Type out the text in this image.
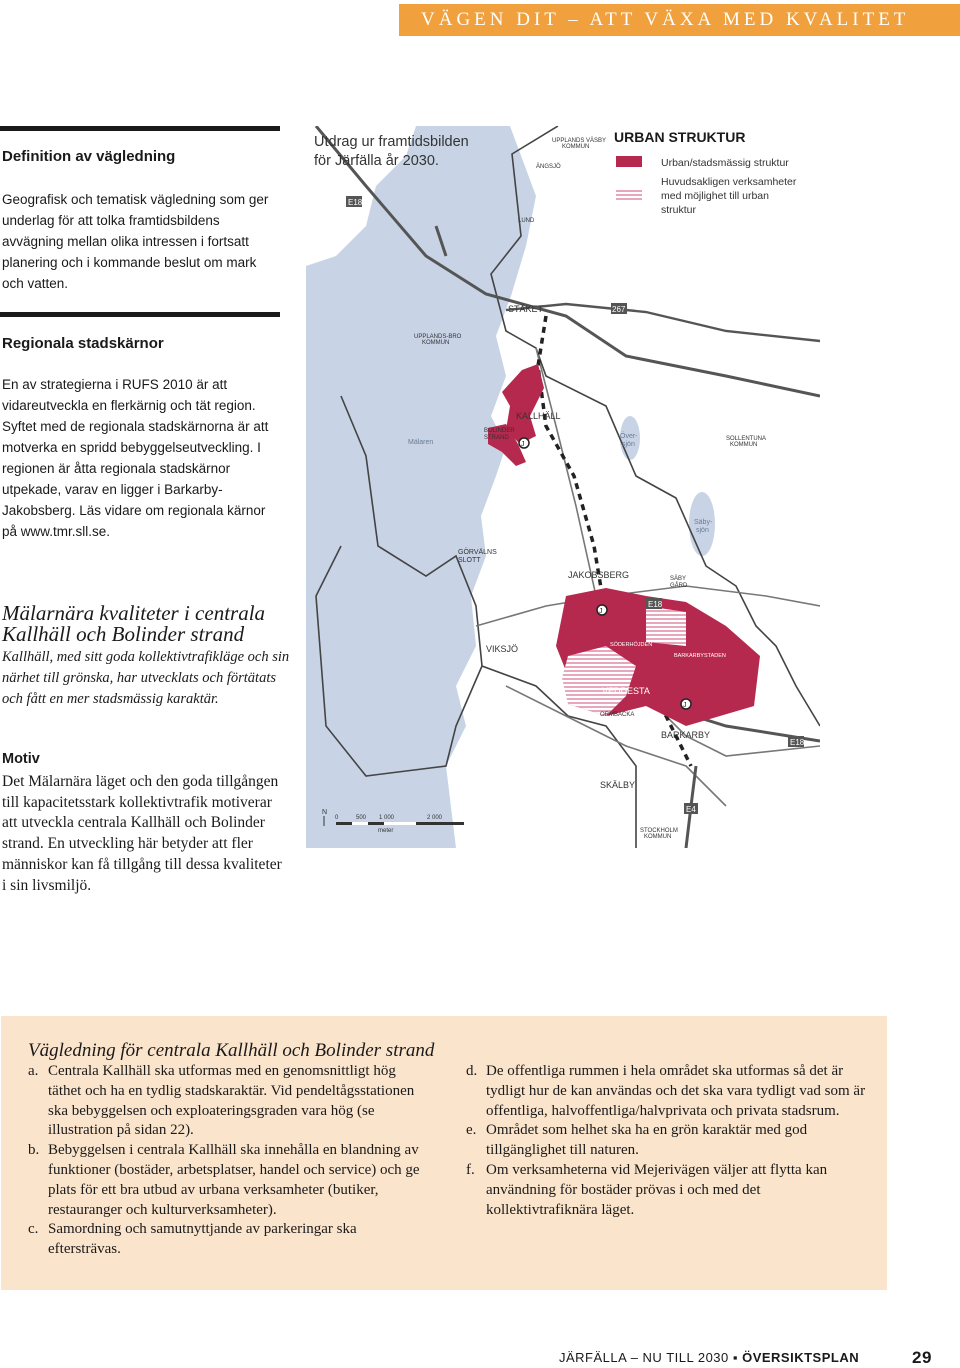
VÄGEN DIT – ATT VÄXA MED KVALITET
Definition av vägledning

Geografisk och tematisk vägledning som ger underlag för att tolka framtidsbildens avvägning mellan olika intressen i fortsatt planering och i kommande beslut om mark och vatten.

Regionala stadskärnor

En av strategierna i RUFS 2010 är att vidareutveckla en flerkärnig och tät region. Syftet med de regionala stadskärnorna är att motverka en spridd bebyggelseutveckling. I regionen är åtta regionala stadskärnor utpekade, varav en ligger i Barkarby-Jakobsberg. Läs vidare om regionala kärnor på www.tmr.sll.se.

Mälarnära kvaliteter i centrala Kallhäll och Bolinder strand

Kallhäll, med sitt goda kollektivtrafikläge och sin närhet till grönska, har utvecklats och förtätats och fått en mer stadsmässig karaktär.

Motiv

Det Mälarnära läget och den goda tillgången till kapacitetsstark kollektivtrafik motiverar att utveckla centrala Kallhäll och Bolinder strand. En utveckling här betyder att fler människor kan få tillgång till dessa kvaliteter i sin livsmiljö.

J
J
J
URBAN STRUKTUR
Urban/stadsmässig struktur
Huvudsakligen verksamheter
med möjlighet till urban
struktur
UPPLANDS VÄSBY
KOMMUN
ÄNGSJÖ
LUND
E18
STÄKET	267
UPPLANDS-BRO
KOMMUN
KALLHÄLL
BOLINDER
STRAND
Mälaren
Över-
sjön
SOLLENTUNA
KOMMUN
Säby-
sjön
GÖRVÄLNS
SLOTT
JAKOBSBERG	SÄBY
GÅRD
E18
VIKSJÖ	SÖDERHÖJDEN
BARKARBYSTADEN
VEDDESTA
ORMBACKA
BARKARBY
E18
SKÄLBY
E4
STOCKHOLM
KOMMUN
N
0	500 1 000	2 000
meter

Utdrag ur framtidsbilden för Järfälla år 2030.

Vägledning för centrala Kallhäll och Bolinder strand
a. Centrala Kallhäll ska utformas med en genomsnittligt hög täthet och ha en tydlig stadskaraktär. Vid pendeltågsstationen ska bebyggelsen och exploateringsgraden vara hög (se illustration på sidan 22).
b. Bebyggelsen i centrala Kallhäll ska innehålla en blandning av funktioner (bostäder, arbetsplatser, handel och service) och ge plats för ett bra utbud av urbana verksamheter (butiker, restauranger och kulturverksamheter).
c. Samordning och samutnyttjande av parkeringar ska eftersträvas.
d. De offentliga rummen i hela området ska utformas så det är tydligt hur de kan användas och det ska vara tydligt vad som är offentliga, halvoffentliga/halvprivata och privata stadsrum.
e. Området som helhet ska ha en grön karaktär med god tillgänglighet till naturen.
f. Om verksamheterna vid Mejerivägen väljer att flytta kan användning för bostäder prövas i och med det kollektivtrafiknära läget.
JÄRFÄLLA – NU TILL 2030 ▪ ÖVERSIKTSPLAN	29
